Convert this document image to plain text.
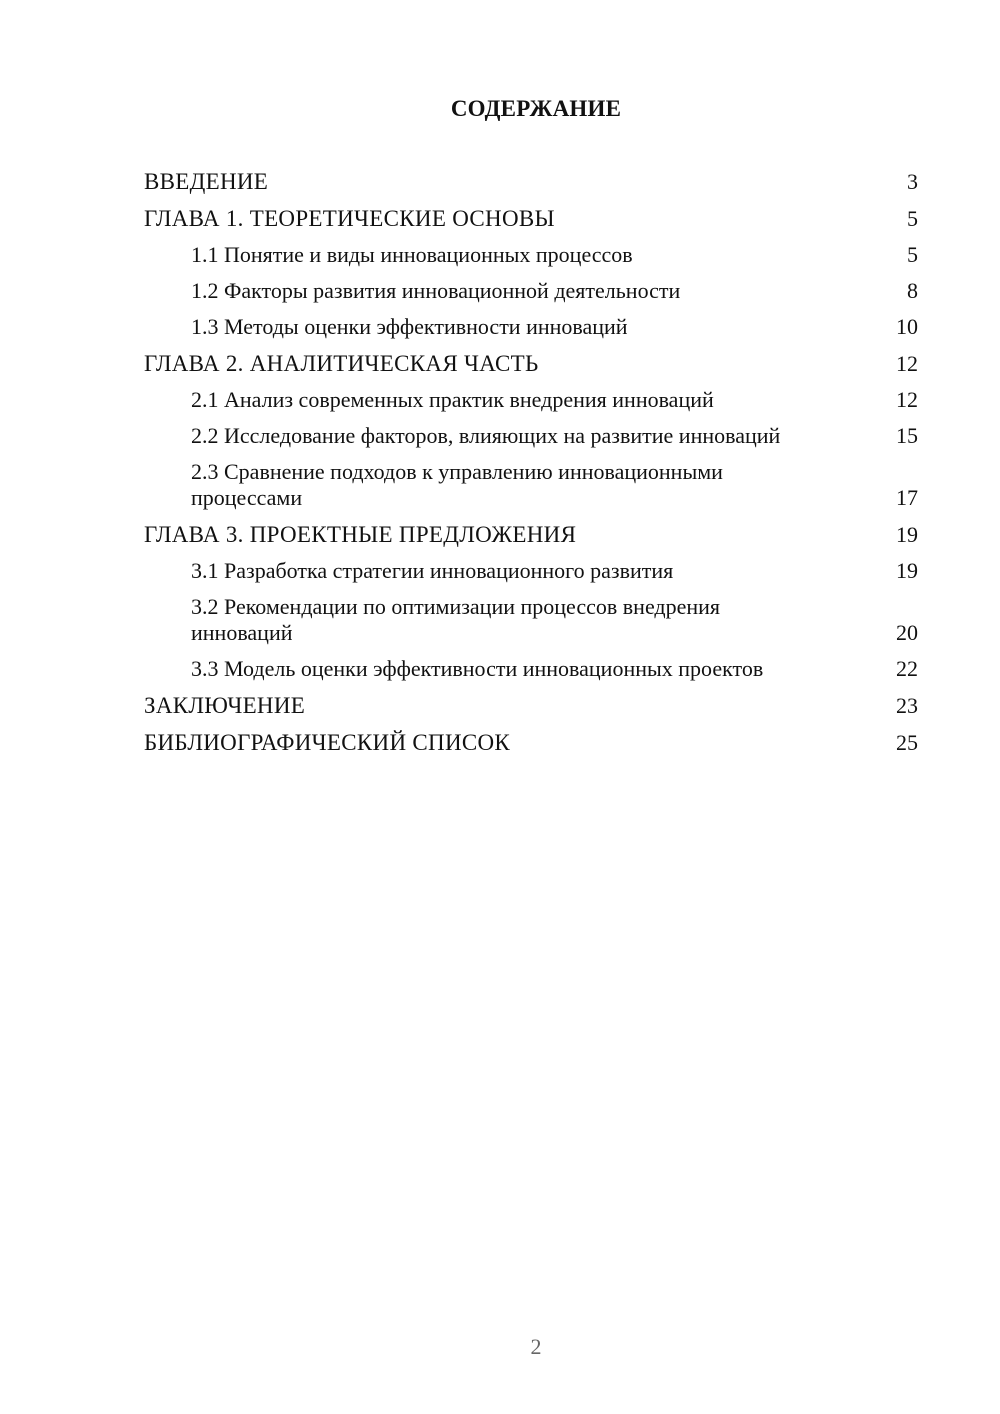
СОДЕРЖАНИЕ
ВВЕДЕНИЕ	3
ГЛАВА 1. ТЕОРЕТИЧЕСКИЕ ОСНОВЫ	5
1.1 Понятие и виды инновационных процессов	5
1.2 Факторы развития инновационной деятельности	8
1.3 Методы оценки эффективности инноваций	10
ГЛАВА 2. АНАЛИТИЧЕСКАЯ ЧАСТЬ	12
2.1 Анализ современных практик внедрения инноваций	12
2.2 Исследование факторов, влияющих на развитие инноваций	15
2.3 Сравнение подходов к управлению инновационными процессами	17
ГЛАВА 3. ПРОЕКТНЫЕ ПРЕДЛОЖЕНИЯ	19
3.1 Разработка стратегии инновационного развития	19
3.2 Рекомендации по оптимизации процессов внедрения инноваций	20
3.3 Модель оценки эффективности инновационных проектов	22
ЗАКЛЮЧЕНИЕ	23
БИБЛИОГРАФИЧЕСКИЙ СПИСОК	25
2
